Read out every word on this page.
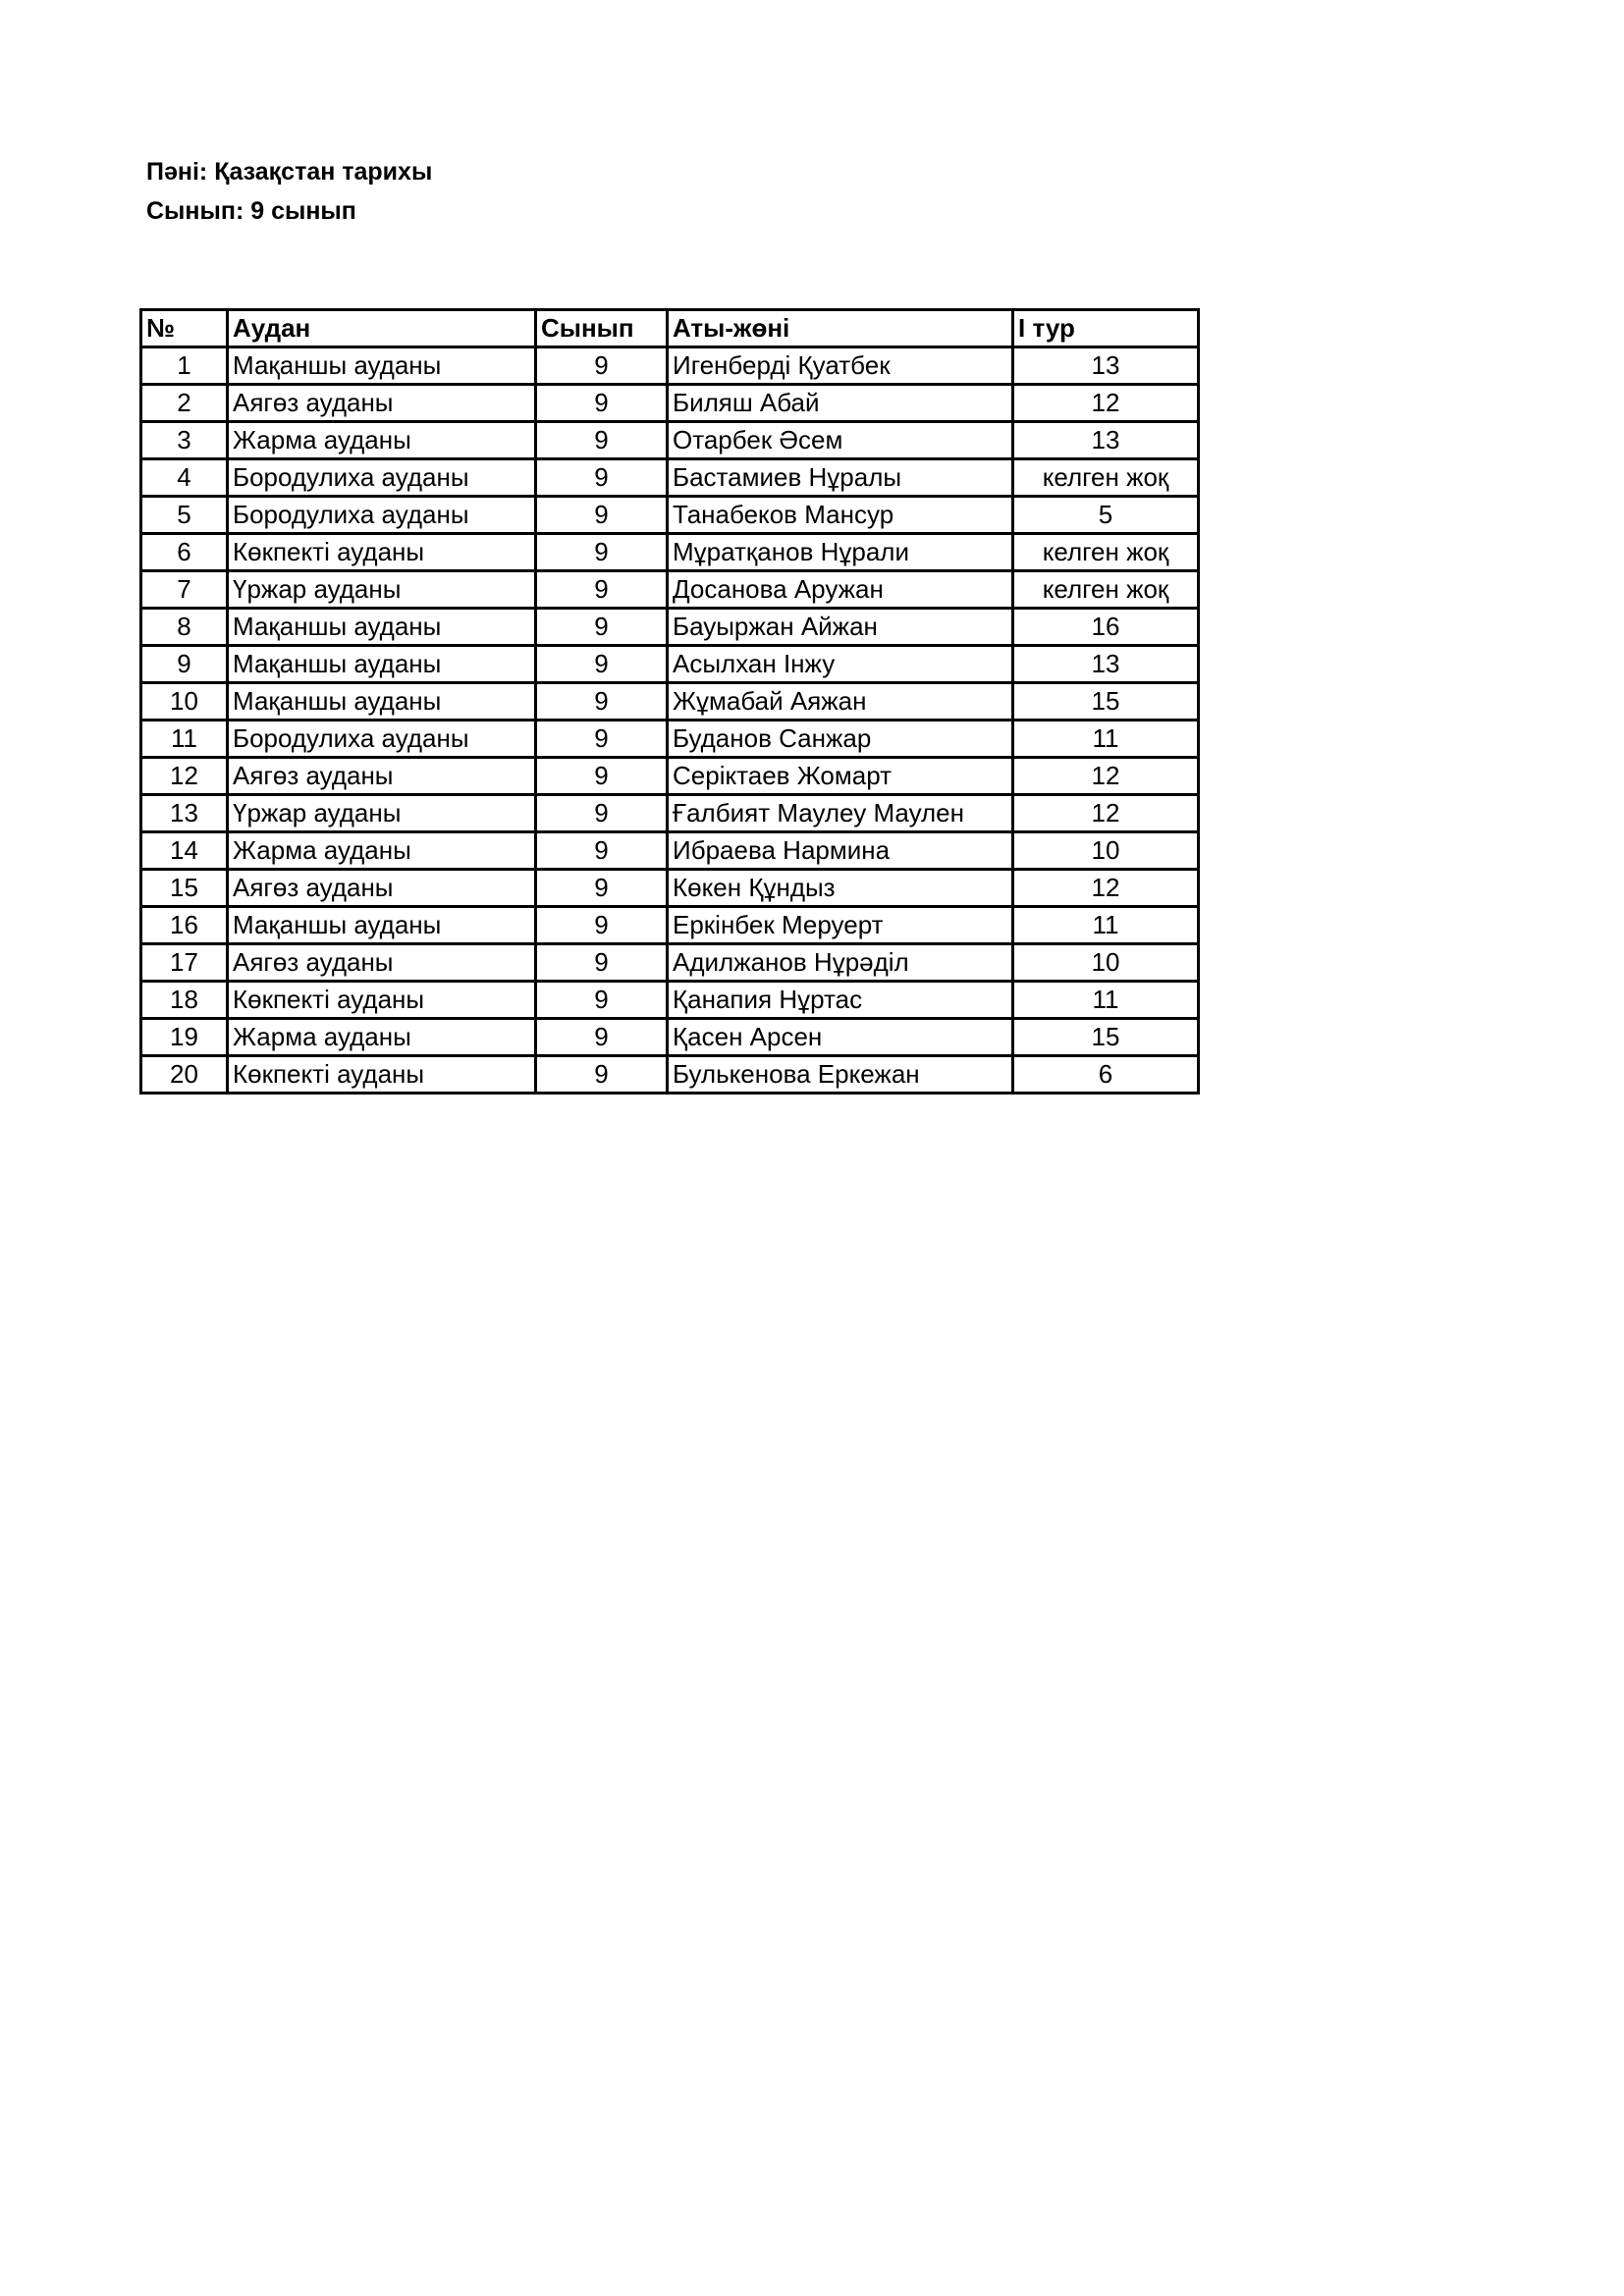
Пәні: Қазақстан тарихы
Сынып: 9 сынып
№	Аудан	Сынып	Аты-жөні	I тур
1	Мақаншы ауданы	9	Игенберді Қуатбек	13
2	Аягөз ауданы	9	Биляш Абай	12
3	Жарма ауданы	9	Отарбек Әсем	13
4	Бородулиха ауданы	9	Бастамиев Нұралы	келген жоқ
5	Бородулиха ауданы	9	Танабеков Мансур	5
6	Көкпекті ауданы	9	Мұратқанов Нұрали	келген жоқ
7	Үржар ауданы	9	Досанова Аружан	келген жоқ
8	Мақаншы ауданы	9	Бауыржан Айжан	16
9	Мақаншы ауданы	9	Асылхан Інжу	13
10	Мақаншы ауданы	9	Жұмабай Аяжан	15
11	Бородулиха ауданы	9	Буданов Санжар	11
12	Аягөз ауданы	9	Серіктаев Жомарт	12
13	Үржар ауданы	9	Ғалбият Маулеу Маулен	12
14	Жарма ауданы	9	Ибраева Нармина	10
15	Аягөз ауданы	9	Көкен Құндыз	12
16	Мақаншы ауданы	9	Еркінбек Меруерт	11
17	Аягөз ауданы	9	Адилжанов Нұрәділ	10
18	Көкпекті ауданы	9	Қанапия Нұртас	11
19	Жарма ауданы	9	Қасен Арсен	15
20	Көкпекті ауданы	9	Булькенова Еркежан	6
